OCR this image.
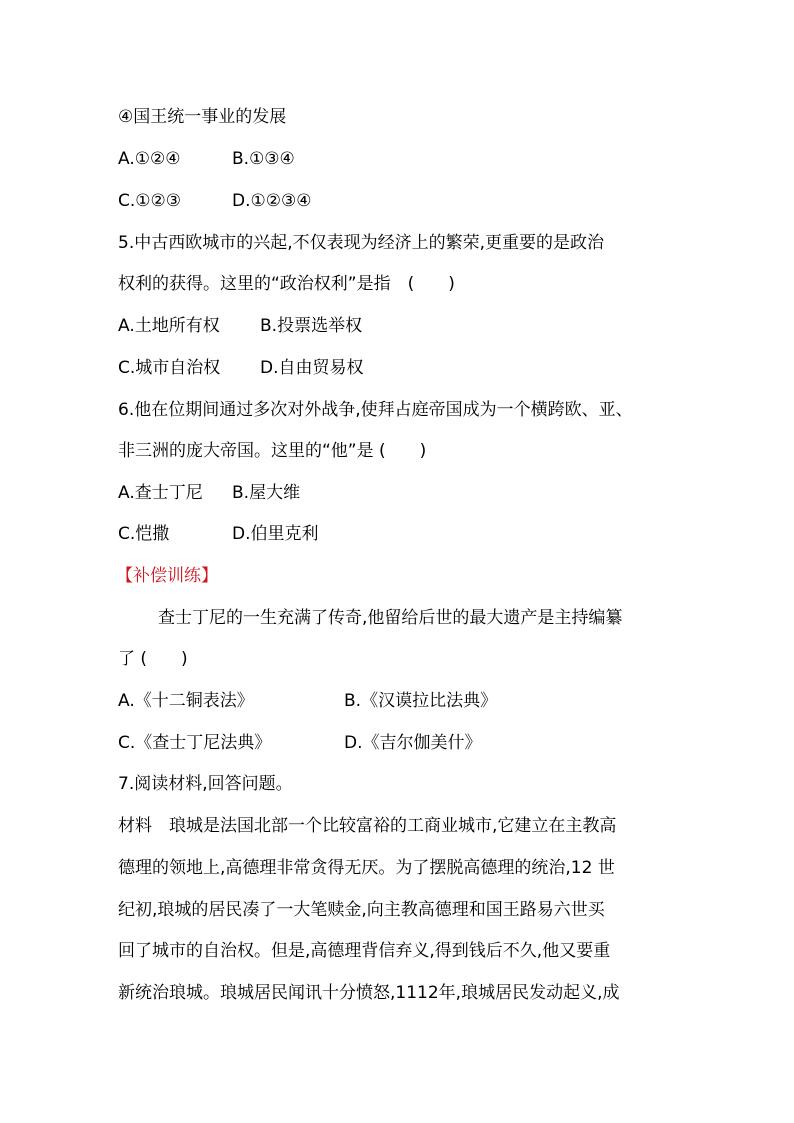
④国王统一事业的发展
A.①②④	B.①③④
C.①②③	D.①②③④
5.中古西欧城市的兴起,不仅表现为经济上的繁荣,更重要的是政治
权利的获得。这里的“政治权利”是指　(　　)
A.土地所有权 B.投票选举权
C.城市自治权 D.自由贸易权
6.他在位期间通过多次对外战争,使拜占庭帝国成为一个横跨欧、亚、
非三洲的庞大帝国。这里的“他”是 (　　)
A.查士丁尼 B.屋大维
C.恺撒	D.伯里克利
【补偿训练】
查士丁尼的一生充满了传奇,他留给后世的最大遗产是主持编纂
了 (　　)
A.《十二铜表法》	B.《汉谟拉比法典》
C.《查士丁尼法典》	D.《吉尔伽美什》
7.阅读材料,回答问题。
材料　琅城是法国北部一个比较富裕的工商业城市,它建立在主教高
德理的领地上,高德理非常贪得无厌。为了摆脱高德理的统治,12 世
纪初,琅城的居民凑了一大笔赎金,向主教高德理和国王路易六世买
回了城市的自治权。但是,高德理背信弃义,得到钱后不久,他又要重
新统治琅城。琅城居民闻讯十分愤怒,1112年,琅城居民发动起义,成
